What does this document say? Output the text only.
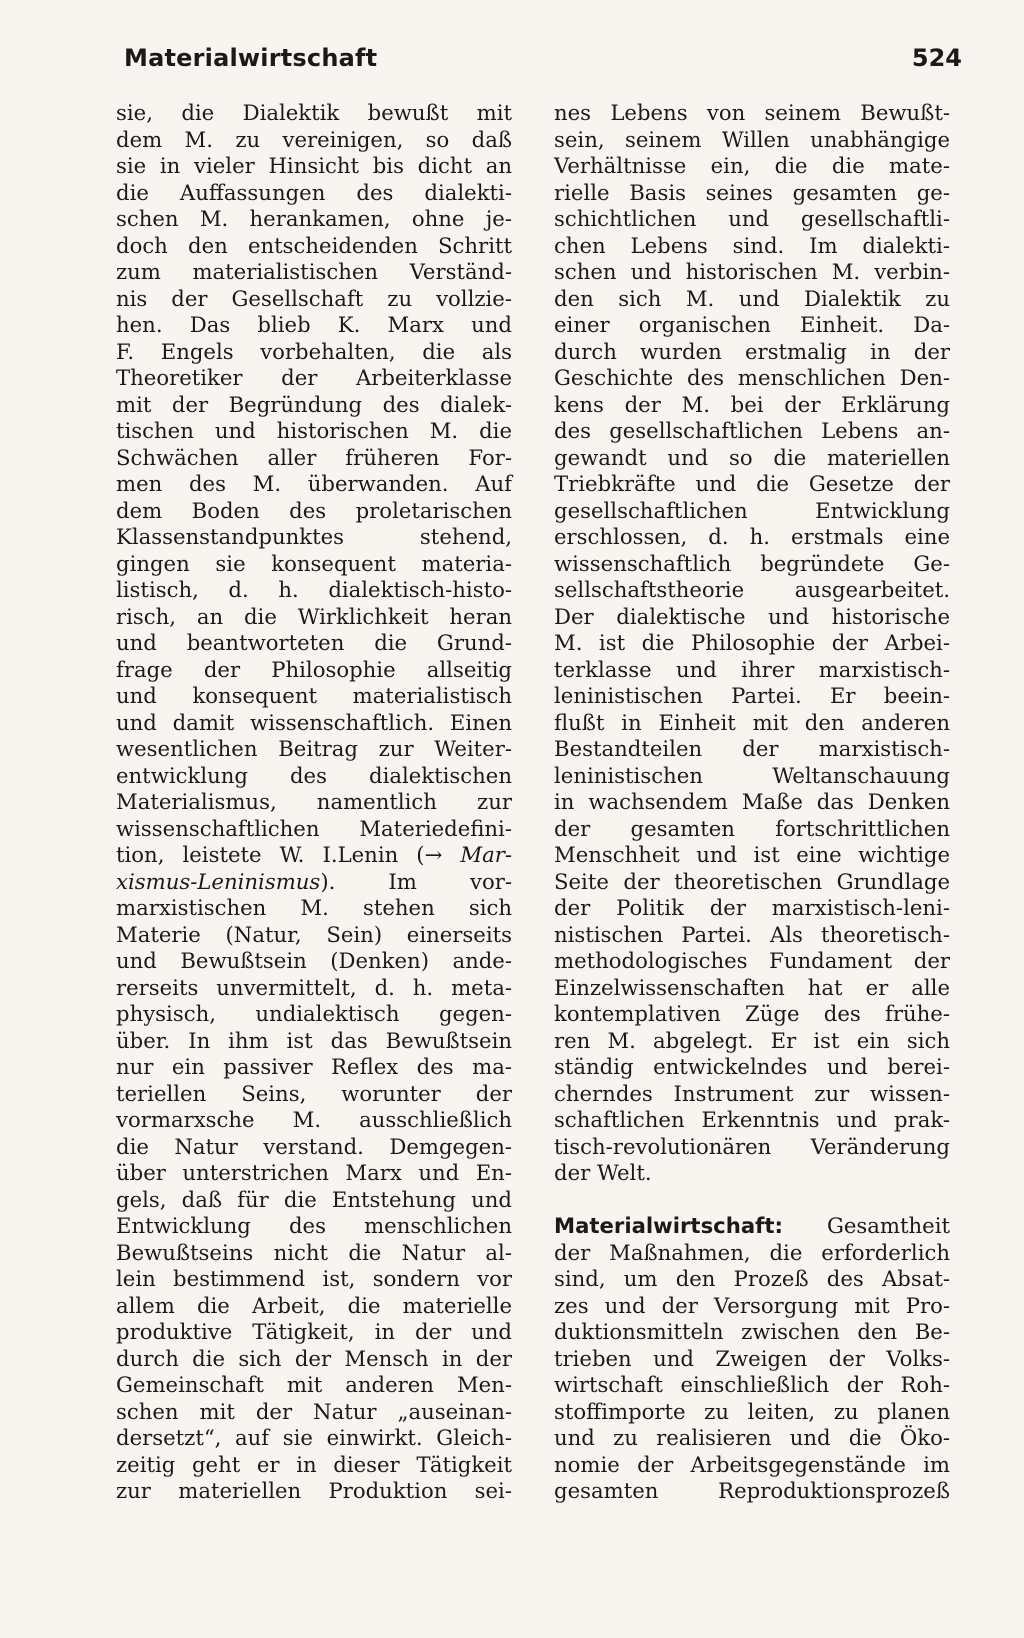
Materialwirtschaft	524
sie, die Dialektik bewußt mit
dem M. zu vereinigen, so daß
sie in vieler Hinsicht bis dicht an
die Auffassungen des dialekti-
schen M. herankamen, ohne je-
doch den entscheidenden Schritt
zum materialistischen Verständ-
nis der Gesellschaft zu vollzie-
hen. Das blieb K. Marx und
F. Engels vorbehalten, die als
Theoretiker der Arbeiterklasse
mit der Begründung des dialek-
tischen und historischen M. die
Schwächen aller früheren For-
men des M. überwanden. Auf
dem Boden des proletarischen
Klassenstandpunktes stehend,
gingen sie konsequent materia-
listisch, d. h. dialektisch-histo-
risch, an die Wirklichkeit heran
und beantworteten die Grund-
frage der Philosophie allseitig
und konsequent materialistisch
und damit wissenschaftlich. Einen
wesentlichen Beitrag zur Weiter-
entwicklung des dialektischen
Materialismus, namentlich zur
wissenschaftlichen Materiedefini-
tion, leistete W. I.Lenin (→ Mar-
xismus-Leninismus). Im vor-
marxistischen M. stehen sich
Materie (Natur, Sein) einerseits
und Bewußtsein (Denken) ande-
rerseits unvermittelt, d. h. meta-
physisch, undialektisch gegen-
über. In ihm ist das Bewußtsein
nur ein passiver Reflex des ma-
teriellen Seins, worunter der
vormarxsche M. ausschließlich
die Natur verstand. Demgegen-
über unterstrichen Marx und En-
gels, daß für die Entstehung und
Entwicklung des menschlichen
Bewußtseins nicht die Natur al-
lein bestimmend ist, sondern vor
allem die Arbeit, die materielle
produktive Tätigkeit, in der und
durch die sich der Mensch in der
Gemeinschaft mit anderen Men-
schen mit der Natur „auseinan-
dersetzt“, auf sie einwirkt. Gleich-
zeitig geht er in dieser Tätigkeit
zur materiellen Produktion sei-
nes Lebens von seinem Bewußt-
sein, seinem Willen unabhängige
Verhältnisse ein, die die mate-
rielle Basis seines gesamten ge-
schichtlichen und gesellschaftli-
chen Lebens sind. Im dialekti-
schen und historischen M. verbin-
den sich M. und Dialektik zu
einer organischen Einheit. Da-
durch wurden erstmalig in der
Geschichte des menschlichen Den-
kens der M. bei der Erklärung
des gesellschaftlichen Lebens an-
gewandt und so die materiellen
Triebkräfte und die Gesetze der
gesellschaftlichen Entwicklung
erschlossen, d. h. erstmals eine
wissenschaftlich begründete Ge-
sellschaftstheorie ausgearbeitet.
Der dialektische und historische
M. ist die Philosophie der Arbei-
terklasse und ihrer marxistisch-
leninistischen Partei. Er beein-
flußt in Einheit mit den anderen
Bestandteilen der marxistisch-
leninistischen Weltanschauung
in wachsendem Maße das Denken
der gesamten fortschrittlichen
Menschheit und ist eine wichtige
Seite der theoretischen Grundlage
der Politik der marxistisch-leni-
nistischen Partei. Als theoretisch-
methodologisches Fundament der
Einzelwissenschaften hat er alle
kontemplativen Züge des frühe-
ren M. abgelegt. Er ist ein sich
ständig entwickelndes und berei-
cherndes Instrument zur wissen-
schaftlichen Erkenntnis und prak-
tisch-revolutionären Veränderung
der Welt.
Materialwirtschaft: Gesamtheit
der Maßnahmen, die erforderlich
sind, um den Prozeß des Absat-
zes und der Versorgung mit Pro-
duktionsmitteln zwischen den Be-
trieben und Zweigen der Volks-
wirtschaft einschließlich der Roh-
stoffimporte zu leiten, zu planen
und zu realisieren und die Öko-
nomie der Arbeitsgegenstände im
gesamten Reproduktionsprozeß
